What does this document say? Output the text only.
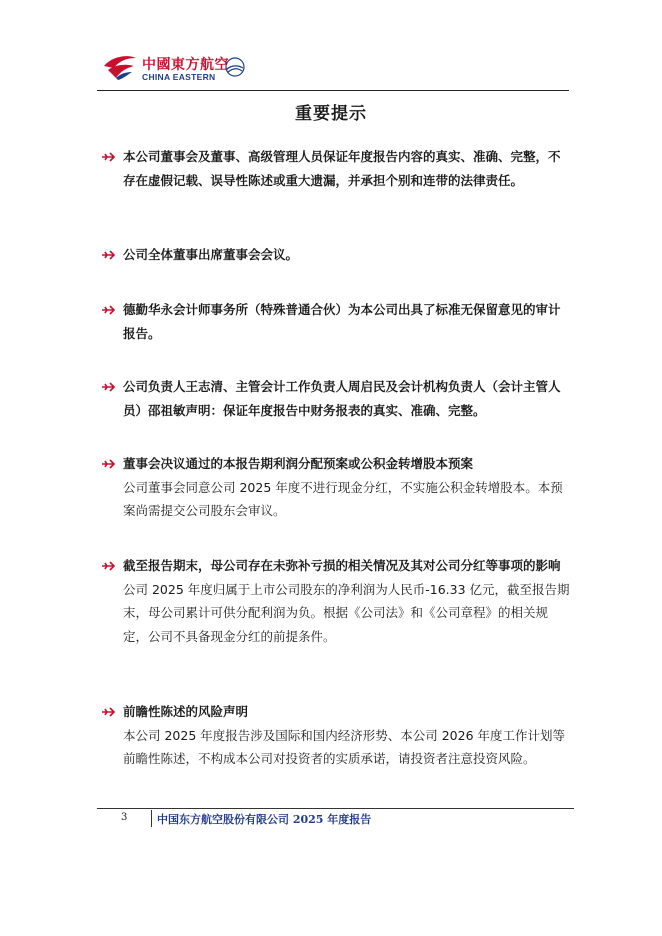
中國東方航空
CHINA EASTERN
重要提示
本公司董事会及董事、高级管理人员保证年度报告内容的真实、准确、完整，不存在虚假记载、误导性陈述或重大遗漏，并承担个别和连带的法律责任。
公司全体董事出席董事会会议。
德勤华永会计师事务所（特殊普通合伙）为本公司出具了标准无保留意见的审计报告。
公司负责人王志清、主管会计工作负责人周启民及会计机构负责人（会计主管人员）邵祖敏声明：保证年度报告中财务报表的真实、准确、完整。
董事会决议通过的本报告期利润分配预案或公积金转增股本预案
公司董事会同意公司 2025 年度不进行现金分红，不实施公积金转增股本。本预案尚需提交公司股东会审议。
截至报告期末，母公司存在未弥补亏损的相关情况及其对公司分红等事项的影响
公司 2025 年度归属于上市公司股东的净利润为人民币-16.33 亿元，截至报告期末，母公司累计可供分配利润为负。根据《公司法》和《公司章程》的相关规定，公司不具备现金分红的前提条件。
前瞻性陈述的风险声明
本公司 2025 年度报告涉及国际和国内经济形势、本公司 2026 年度工作计划等前瞻性陈述，不构成本公司对投资者的实质承诺，请投资者注意投资风险。
3	中国东方航空股份有限公司 2025 年度报告
